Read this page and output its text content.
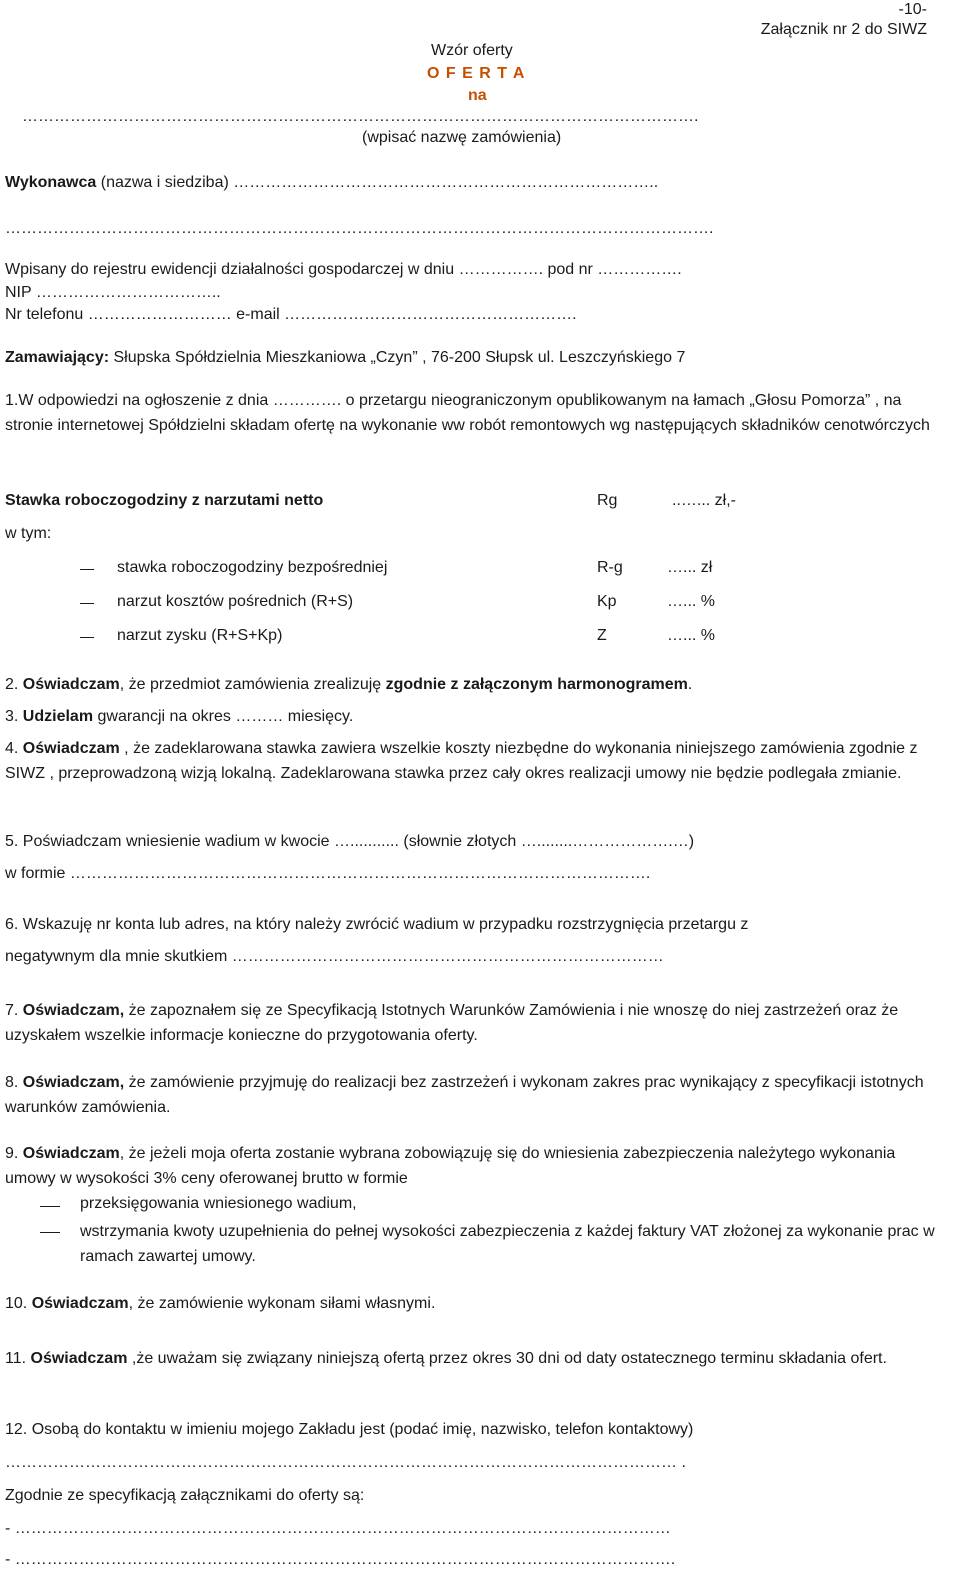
-10-
Załącznik nr 2 do SIWZ
Wzór oferty
O F E R T A
na
……………………………………………………………………………………………………………….
(wpisać nazwę zamówienia)
Wykonawca (nazwa i siedziba) ……………………………………………………………………..
…………………………………………………………………………………………………………………….
Wpisany do rejestru ewidencji działalności gospodarczej w dniu ……………. pod nr …………….
NIP ……………………………..
Nr telefonu ……………………… e-mail ……………………………………………….
Zamawiający: Słupska Spółdzielnia Mieszkaniowa „Czyn” , 76-200 Słupsk ul. Leszczyńskiego 7
1.W odpowiedzi na ogłoszenie z dnia …………. o przetargu nieograniczonym opublikowanym na łamach „Głosu Pomorza” , na stronie internetowej Spółdzielni składam ofertę na wykonanie ww robót remontowych wg następujących składników cenotwórczych
Stawka roboczogodziny z narzutami netto	Rg	..…... zł,-
w tym:
stawka roboczogodziny bezpośredniej	R-g	…... zł
narzut kosztów pośrednich (R+S)	Kp	…... %
narzut zysku (R+S+Kp)	Z	…... %
2. Oświadczam, że przedmiot zamówienia zrealizuję zgodnie z załączonym harmonogramem.
3. Udzielam gwarancji na okres ……… miesięcy.
4. Oświadczam , że zadeklarowana stawka zawiera wszelkie koszty niezbędne do wykonania niniejszego zamówienia zgodnie z SIWZ , przeprowadzoną wizją lokalną. Zadeklarowana stawka przez cały okres realizacji umowy nie będzie podlegała zmianie.
5. Poświadczam wniesienie wadium w kwocie …........... (słownie złotych …........……………….…)
w formie ……………………………………………………………………………………………….
6. Wskazuję nr konta lub adres, na który należy zwrócić wadium w przypadku rozstrzygnięcia przetargu z
negatywnym dla mnie skutkiem ………………………………………………………………………
7. Oświadczam, że zapoznałem się ze Specyfikacją Istotnych Warunków Zamówienia i nie wnoszę do niej zastrzeżeń oraz że uzyskałem wszelkie informacje konieczne do przygotowania oferty.
8. Oświadczam, że zamówienie przyjmuję do realizacji bez zastrzeżeń i wykonam zakres prac wynikający z specyfikacji istotnych warunków zamówienia.
9. Oświadczam, że jeżeli moja oferta zostanie wybrana zobowiązuję się do wniesienia zabezpieczenia należytego wykonania umowy w wysokości 3% ceny oferowanej brutto w formie
przeksięgowania wniesionego wadium,
wstrzymania kwoty uzupełnienia do pełnej wysokości zabezpieczenia z każdej faktury VAT złożonej za wykonanie prac w ramach zawartej umowy.
10. Oświadczam, że zamówienie wykonam siłami własnymi.
11. Oświadczam ,że uważam się związany niniejszą ofertą przez okres 30 dni od daty ostatecznego terminu składania ofert.
12. Osobą do kontaktu w imieniu mojego Zakładu jest (podać imię, nazwisko, telefon kontaktowy)
……………………………………………………………………………………………………………… .
Zgodnie ze specyfikacją załącznikami do oferty są:
- ……………………………………………………………………………………………………………
- …………………………………………………………………………………………………………….
